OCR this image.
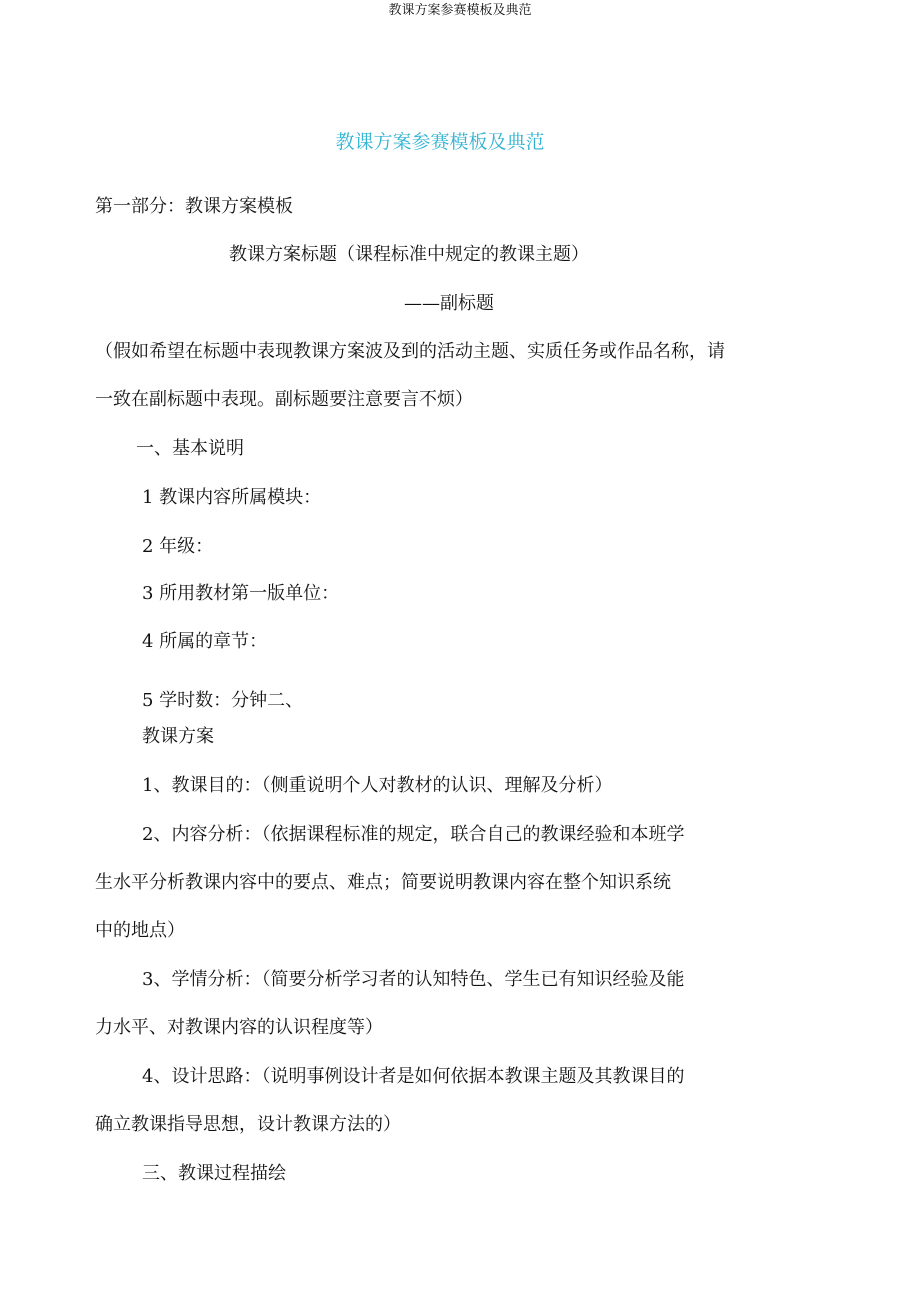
教课方案参赛模板及典范
教课方案参赛模板及典范
第一部分：教课方案模板
教课方案标题（课程标准中规定的教课主题）
——副标题
（假如希望在标题中表现教课方案波及到的活动主题、实质任务或作品名称，请
一致在副标题中表现。副标题要注意要言不烦）
一、基本说明
1 教课内容所属模块：
2 年级：
3 所用教材第一版单位：
4 所属的章节：
5 学时数：分钟二、
教课方案
1、教课目的：（侧重说明个人对教材的认识、理解及分析）
2、内容分析：（依据课程标准的规定，联合自己的教课经验和本班学
生水平分析教课内容中的要点、难点；简要说明教课内容在整个知识系统
中的地点）
3、学情分析：（简要分析学习者的认知特色、学生已有知识经验及能
力水平、对教课内容的认识程度等）
4、设计思路：（说明事例设计者是如何依据本教课主题及其教课目的
确立教课指导思想，设计教课方法的）
三、教课过程描绘
